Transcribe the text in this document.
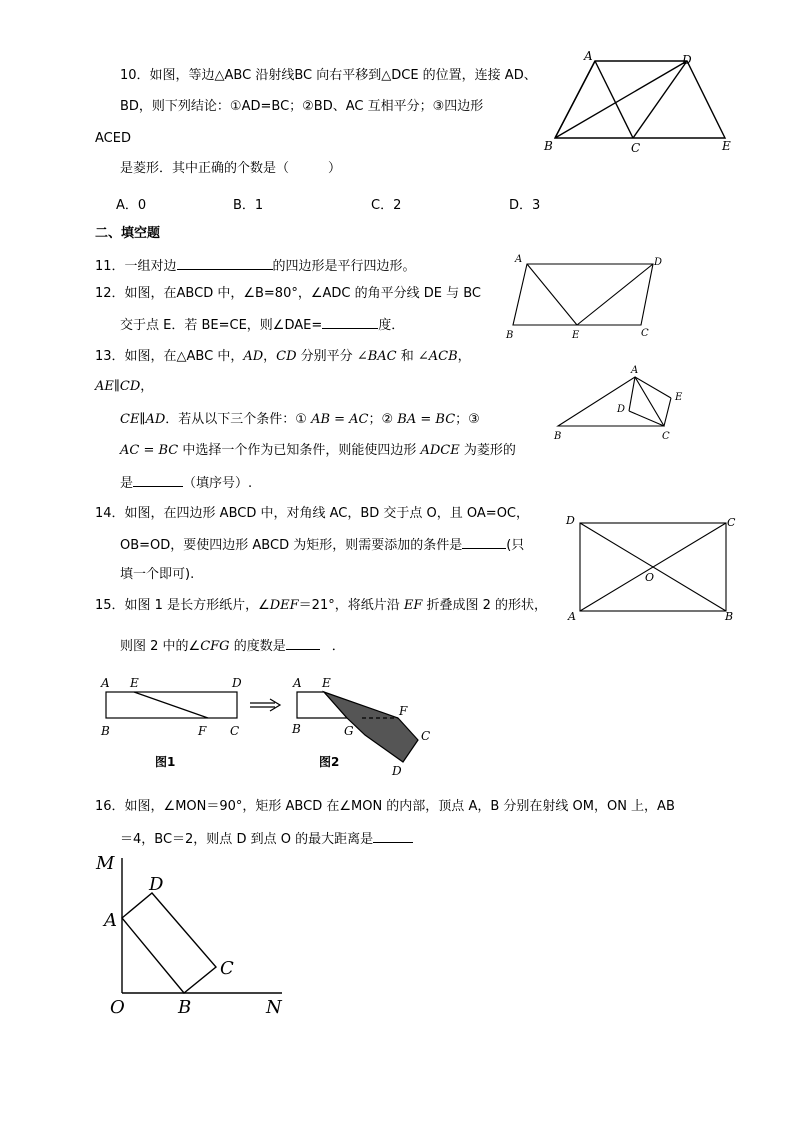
10．如图，等边△ABC 沿射线BC 向右平移到△DCE 的位置，连接 AD、
BD，则下列结论：①AD=BC；②BD、AC 互相平分；③四边形
ACED
是菱形．其中正确的个数是（　　　）
A．0	B．1	C．2	D．3
A	D
B	C	E
二、填空题
11．一组对边	的四边形是平行四边形。
12．如图，在ABCD 中，∠B=80°，∠ADC 的角平分线 DE 与 BC
交于点 E．若 BE=CE，则∠DAE=	度．
A	D
B	E	C
13．如图，在△ABC 中，AD，CD 分别平分 ∠BAC 和 ∠ACB，
AE∥CD，
CE∥AD．若从以下三个条件：① AB = AC；② BA = BC；③
AC = BC 中选择一个作为已知条件，则能使四边形 ADCE 为菱形的
是	（填序号）.
A
D
E
B	C
14．如图，在四边形 ABCD 中，对角线 AC，BD 交于点 O，且 OA=OC，
OB=OD，要使四边形 ABCD 为矩形，则需要添加的条件是	(只
填一个即可).
D	C
O
A	B
15．如图 1 是长方形纸片，∠DEF＝21°，将纸片沿 EF 折叠成图 2 的形状，
则图 2 中的∠CFG 的度数是	．
A E	D
B	F C
图1
A E
B	G
F
C
D
图2
16．如图，∠MON＝90°，矩形 ABCD 在∠MON 的内部，顶点 A，B 分别在射线 OM，ON 上，AB
＝4，BC＝2，则点 D 到点 O 的最大距离是
M
D
A
C
O	B	N
